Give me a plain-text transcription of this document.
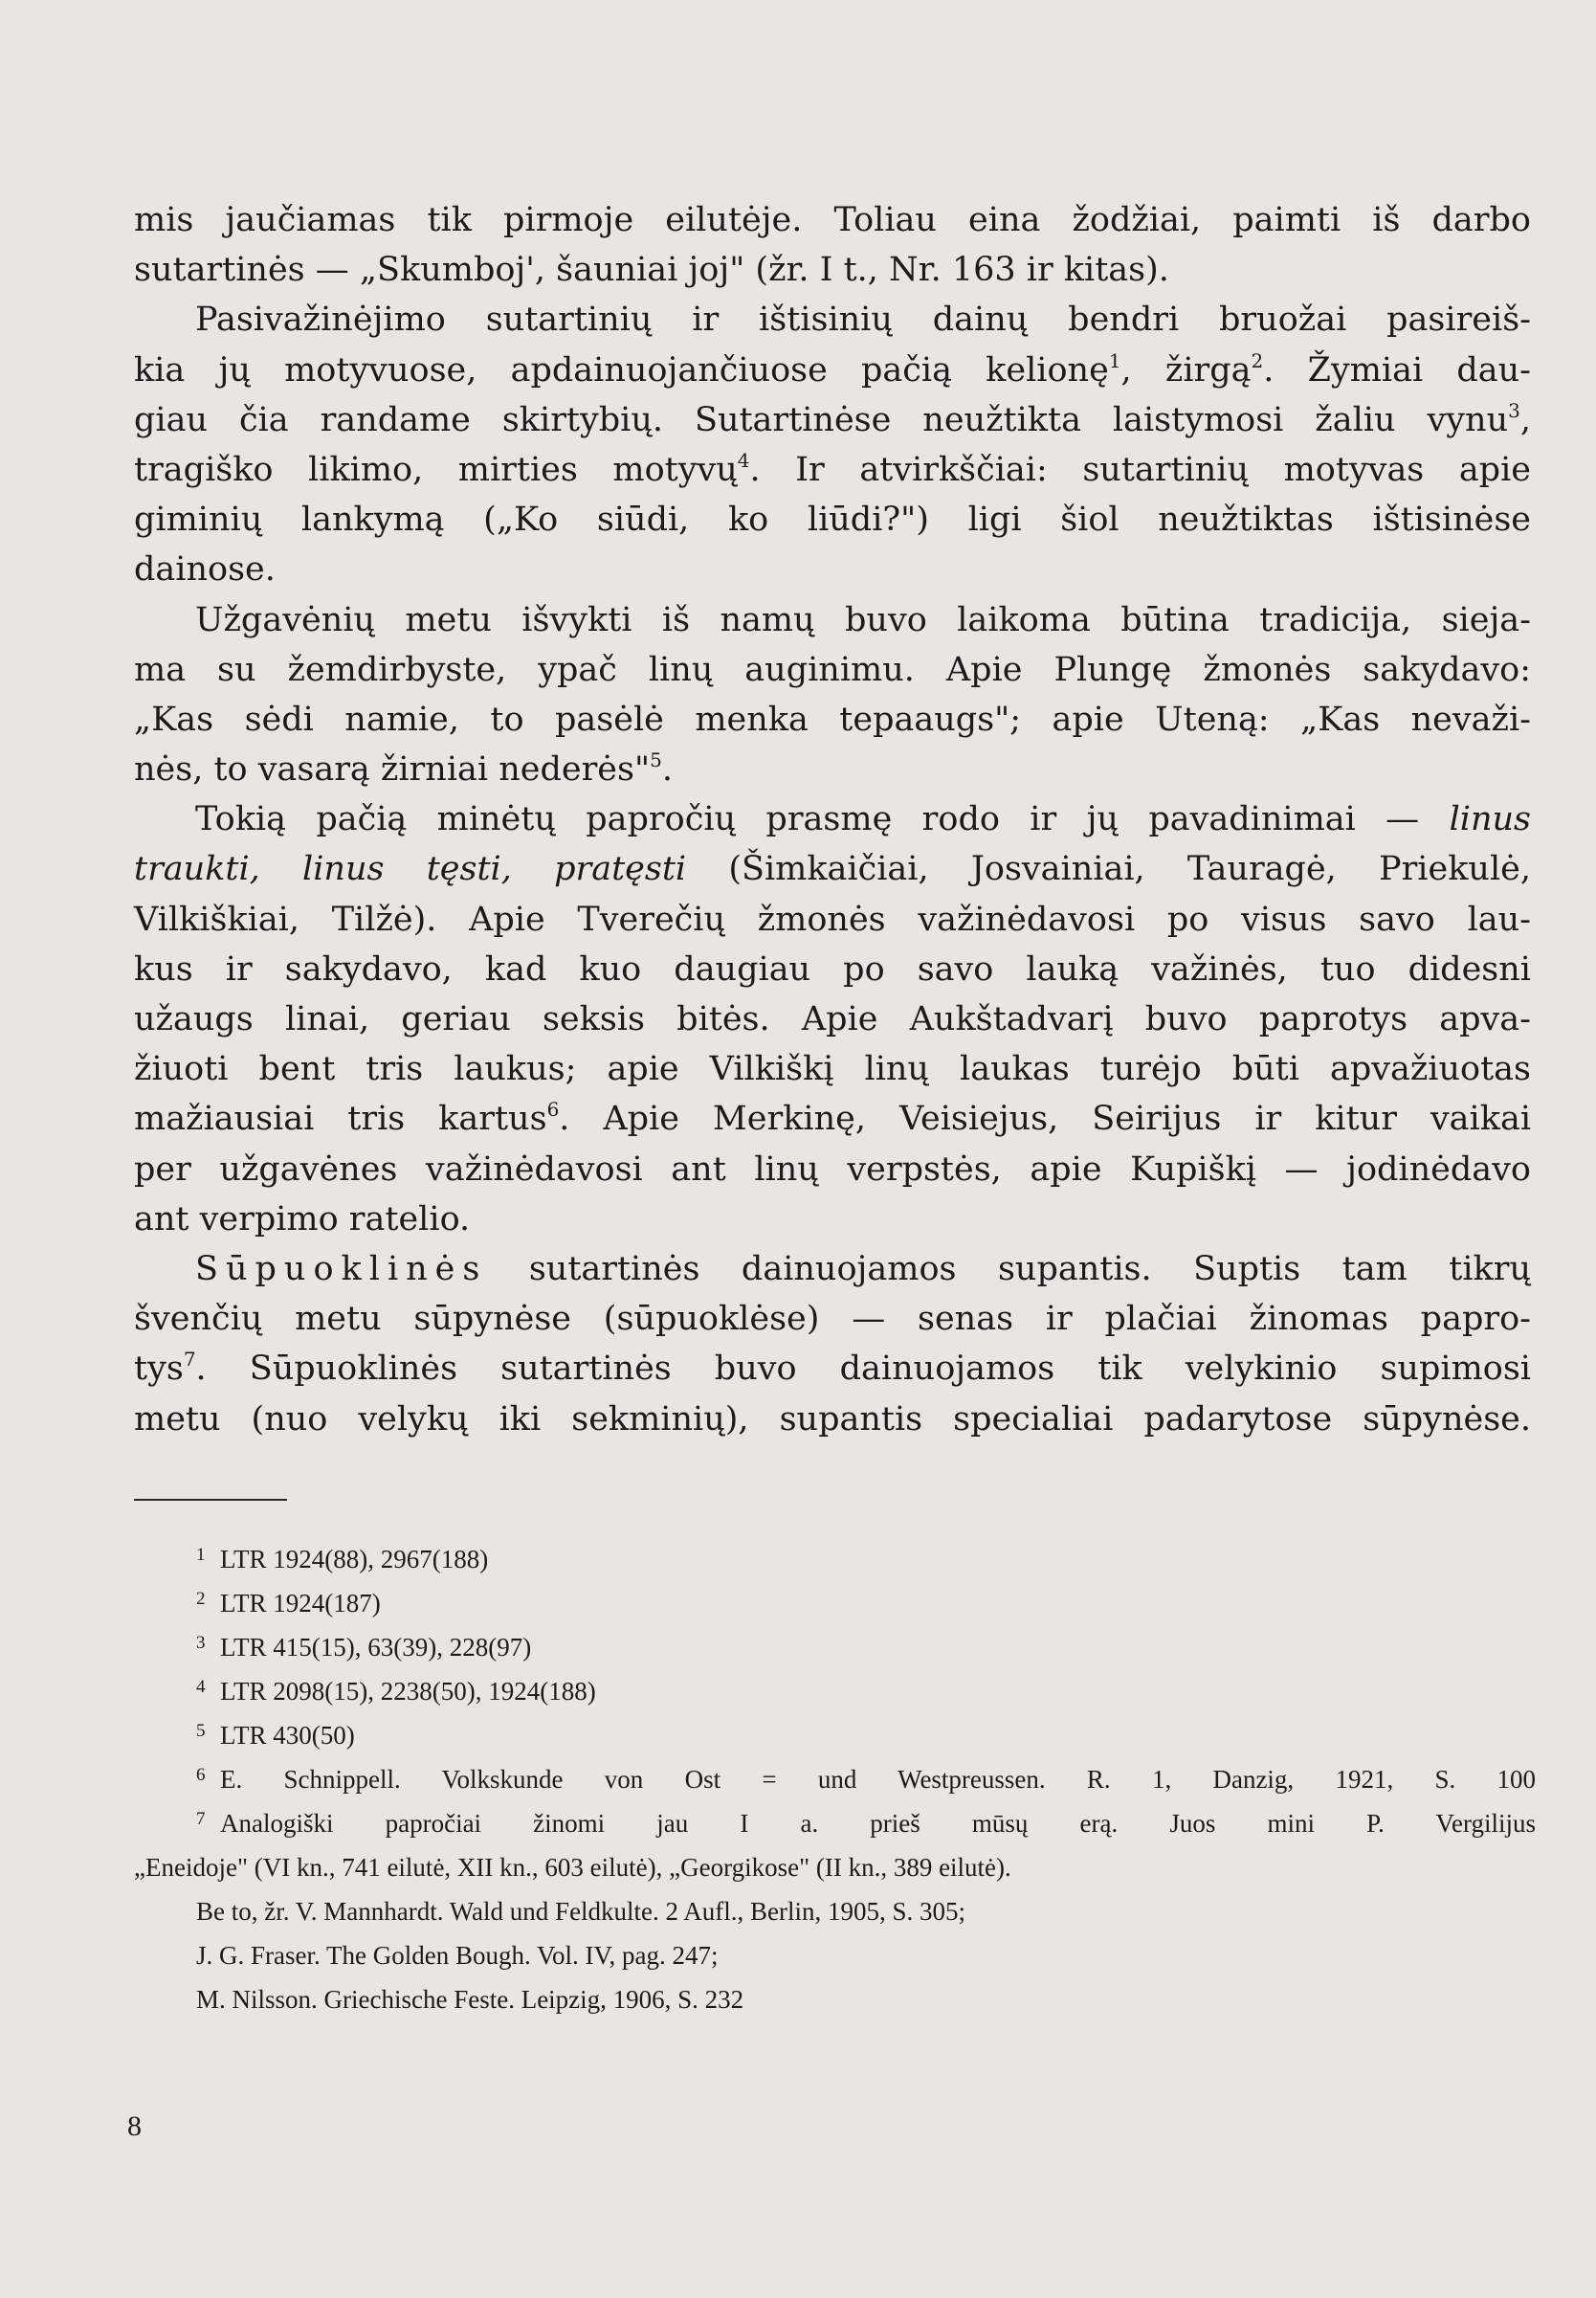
mis jaučiamas tik pirmoje eilutėje. Toliau eina žodžiai, paimti iš darbo
sutartinės — „Skumboj', šauniai joj" (žr. I t., Nr. 163 ir kitas).
Pasivažinėjimo sutartinių ir ištisinių dainų bendri bruožai pasireiš-
kia jų motyvuose, apdainuojančiuose pačią kelionę$^1$, žirgą$^2$. Žymiai dau-
giau čia randame skirtybių. Sutartinėse neužtikta laistymosi žaliu vynu$^3$,
tragiško likimo, mirties motyvų$^4$. Ir atvirkščiai: sutartinių motyvas apie
giminių lankymą („Ko siūdi, ko liūdi?") ligi šiol neužtiktas ištisinėse
dainose.
Užgavėnių metu išvykti iš namų buvo laikoma būtina tradicija, sieja-
ma su žemdirbyste, ypač linų auginimu. Apie Plungę žmonės sakydavo:
„Kas sėdi namie, to pasėlė menka tepaaugs"; apie Uteną: „Kas nevaži-
nės, to vasarą žirniai nederės"$^5$.
Tokią pačią minėtų papročių prasmę rodo ir jų pavadinimai — linus
traukti, linus tęsti, pratęsti (Šimkaičiai, Josvainiai, Tauragė, Priekulė,
Vilkiškiai, Tilžė). Apie Tverečių žmonės važinėdavosi po visus savo lau-
kus ir sakydavo, kad kuo daugiau po savo lauką važinės, tuo didesni
užaugs linai, geriau seksis bitės. Apie Aukštadvarį buvo paprotys apva-
žiuoti bent tris laukus; apie Vilkiškį linų laukas turėjo būti apvažiuotas
mažiausiai tris kartus$^6$. Apie Merkinę, Veisiejus, Seirijus ir kitur vaikai
per užgavėnes važinėdavosi ant linų verpstės, apie Kupiškį — jodinėdavo
ant verpimo ratelio.
Sūpuoklinės sutartinės dainuojamos supantis. Suptis tam tikrų
švenčių metu sūpynėse (sūpuoklėse) — senas ir plačiai žinomas papro-
tys$^7$. Sūpuoklinės sutartinės buvo dainuojamos tik velykinio supimosi
metu (nuo velykų iki sekminių), supantis specialiai padarytose sūpynėse.
1 LTR 1924(88), 2967(188)
2 LTR 1924(187)
3 LTR 415(15), 63(39), 228(97)
4 LTR 2098(15), 2238(50), 1924(188)
5 LTR 430(50)
6 E. Schnippell. Volkskunde von Ost = und Westpreussen. R. 1, Danzig, 1921, S. 100
7 Analogiški papročiai žinomi jau I a. prieš mūsų erą. Juos mini P. Vergilijus
„Eneidoje" (VI kn., 741 eilutė, XII kn., 603 eilutė), „Georgikose" (II kn., 389 eilutė).
Be to, žr. V. Mannhardt. Wald und Feldkulte. 2 Aufl., Berlin, 1905, S. 305;
J. G. Fraser. The Golden Bough. Vol. IV, pag. 247;
M. Nilsson. Griechische Feste. Leipzig, 1906, S. 232
8
